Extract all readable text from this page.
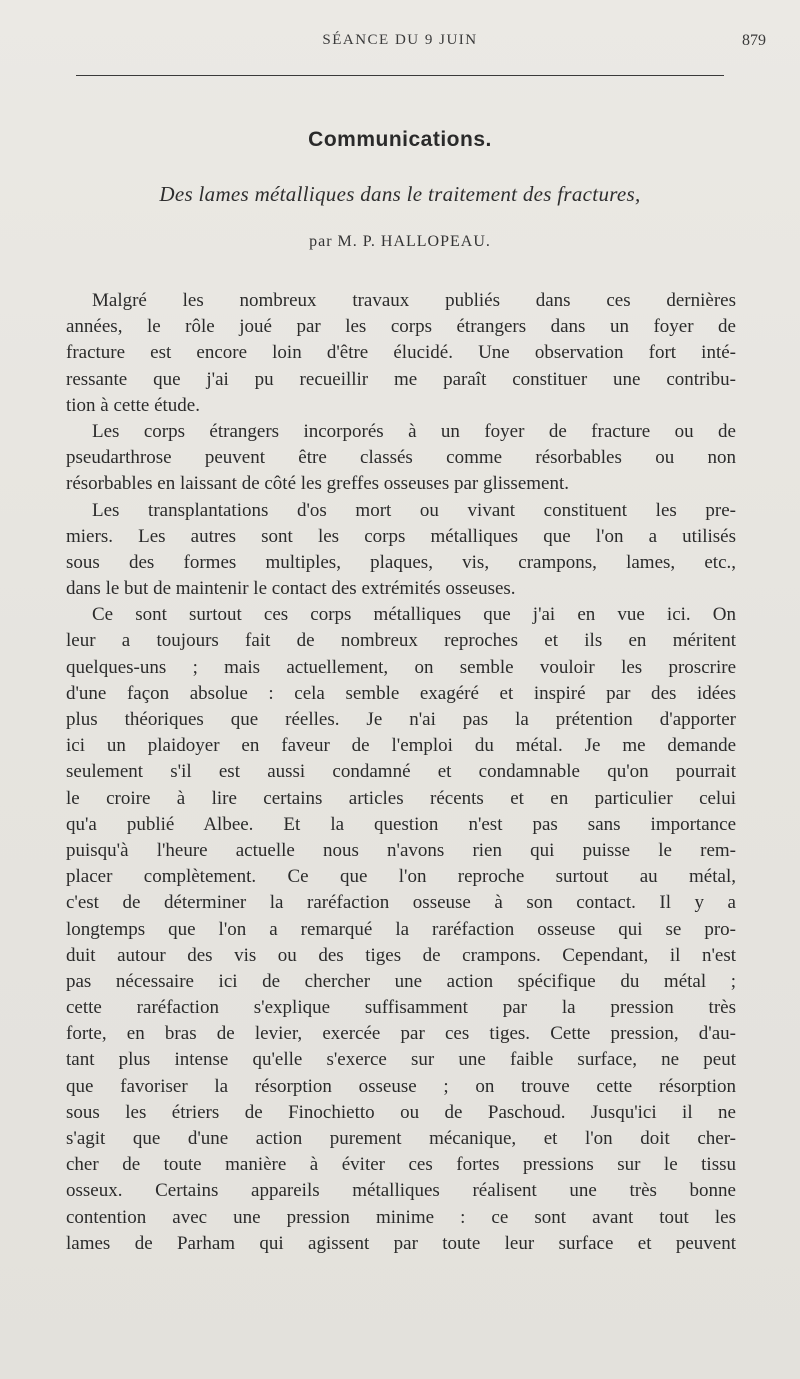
SÉANCE DU 9 JUIN	879
Communications.
Des lames métalliques dans le traitement des fractures,
par M. P. HALLOPEAU.
Malgré les nombreux travaux publiés dans ces dernières
années, le rôle joué par les corps étrangers dans un foyer de
fracture est encore loin d'être élucidé. Une observation fort inté-
ressante que j'ai pu recueillir me paraît constituer une contribu-
tion à cette étude.
Les corps étrangers incorporés à un foyer de fracture ou de
pseudarthrose peuvent être classés comme résorbables ou non
résorbables en laissant de côté les greffes osseuses par glissement.
Les transplantations d'os mort ou vivant constituent les pre-
miers. Les autres sont les corps métalliques que l'on a utilisés
sous des formes multiples, plaques, vis, crampons, lames, etc.,
dans le but de maintenir le contact des extrémités osseuses.
Ce sont surtout ces corps métalliques que j'ai en vue ici. On
leur a toujours fait de nombreux reproches et ils en méritent
quelques-uns ; mais actuellement, on semble vouloir les proscrire
d'une façon absolue : cela semble exagéré et inspiré par des idées
plus théoriques que réelles. Je n'ai pas la prétention d'apporter
ici un plaidoyer en faveur de l'emploi du métal. Je me demande
seulement s'il est aussi condamné et condamnable qu'on pourrait
le croire à lire certains articles récents et en particulier celui
qu'a publié Albee. Et la question n'est pas sans importance
puisqu'à l'heure actuelle nous n'avons rien qui puisse le rem-
placer complètement. Ce que l'on reproche surtout au métal,
c'est de déterminer la raréfaction osseuse à son contact. Il y a
longtemps que l'on a remarqué la raréfaction osseuse qui se pro-
duit autour des vis ou des tiges de crampons. Cependant, il n'est
pas nécessaire ici de chercher une action spécifique du métal ;
cette raréfaction s'explique suffisamment par la pression très
forte, en bras de levier, exercée par ces tiges. Cette pression, d'au-
tant plus intense qu'elle s'exerce sur une faible surface, ne peut
que favoriser la résorption osseuse ; on trouve cette résorption
sous les étriers de Finochietto ou de Paschoud. Jusqu'ici il ne
s'agit que d'une action purement mécanique, et l'on doit cher-
cher de toute manière à éviter ces fortes pressions sur le tissu
osseux. Certains appareils métalliques réalisent une très bonne
contention avec une pression minime : ce sont avant tout les
lames de Parham qui agissent par toute leur surface et peuvent
